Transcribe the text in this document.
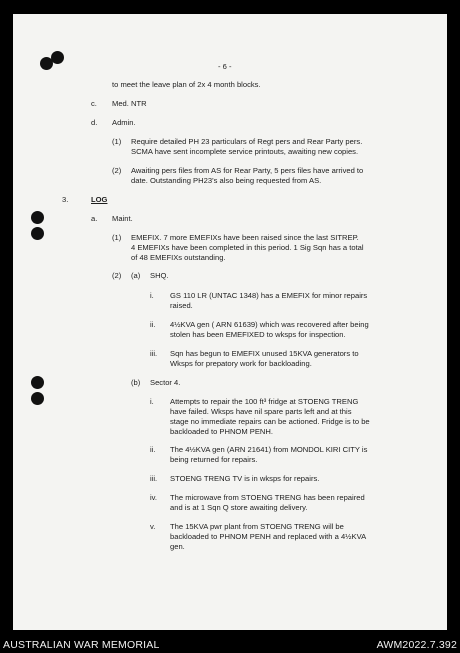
- 6 -
to meet the leave plan of 2x 4 month blocks.
c. Med. NTR
d. Admin.
(1) Require detailed PH 23 particulars of Regt pers and Rear Party pers.
SCMA have sent incomplete service printouts, awaiting new copies.
(2) Awaiting pers files from AS for Rear Party, 5 pers files have arrived to
date. Outstanding PH23’s also being requested from AS.
3.	LOG
a. Maint.
(1) EMEFIX. 7 more EMEFIXs have been raised since the last SITREP.
4 EMEFIXs have been completed in this period. 1 Sig Sqn has a total
of 48 EMEFIXs outstanding.
(2) (a) SHQ.
i. GS 110 LR (UNTAC 1348) has a EMEFIX for minor repairs
raised.
ii. 4½KVA gen ( ARN 61639) which was recovered after being
stolen has been EMEFIXED to wksps for inspection.
iii. Sqn has begun to EMEFIX unused 15KVA generators to
Wksps for prepatory work for backloading.
(b) Sector 4.
i. Attempts to repair the 100 ft³ fridge at STOENG TRENG
have failed. Wksps have nil spare parts left and at this
stage no immediate repairs can be actioned. Fridge is to be
backloaded to PHNOM PENH.
ii. The 4½KVA gen (ARN 21641) from MONDOL KIRI CITY is
being returned for repairs.
iii. STOENG TRENG TV is in wksps for repairs.
iv. The microwave from STOENG TRENG has been repaired
and is at 1 Sqn Q store awaiting delivery.
v. The 15KVA pwr plant from STOENG TRENG will be
backloaded to PHNOM PENH and replaced with a 4½KVA
gen.
AUSTRALIAN WAR MEMORIAL	AWM2022.7.392
